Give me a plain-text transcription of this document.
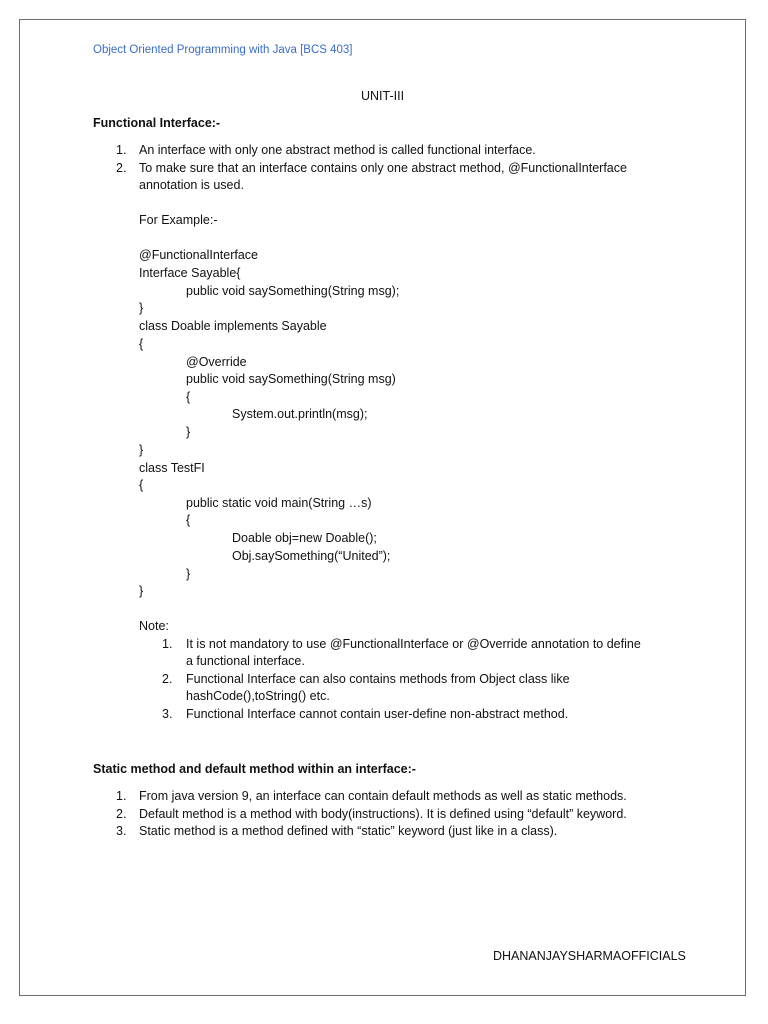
Object Oriented Programming with Java [BCS 403]
UNIT-III
Functional Interface:-
1. An interface with only one abstract method is called functional interface.
2. To make sure that an interface contains only one abstract method, @FunctionalInterface
annotation is used.
For Example:-
@FunctionalInterface
Interface Sayable{
public void saySomething(String msg);
}
class Doable implements Sayable
{
@Override
public void saySomething(String msg)
{
System.out.println(msg);
}
}
class TestFI
{
public static void main(String …s)
{
Doable obj=new Doable();
Obj.saySomething(“United”);
}
}
Note:
1. It is not mandatory to use @FunctionalInterface or @Override annotation to define
a functional interface.
2. Functional Interface can also contains methods from Object class like
hashCode(),toString() etc.
3. Functional Interface cannot contain user-define non-abstract method.
Static method and default method within an interface:-
1. From java version 9, an interface can contain default methods as well as static methods.
2. Default method is a method with body(instructions). It is defined using “default” keyword.
3. Static method is a method defined with “static” keyword (just like in a class).
DHANANJAYSHARMAOFFICIALS
